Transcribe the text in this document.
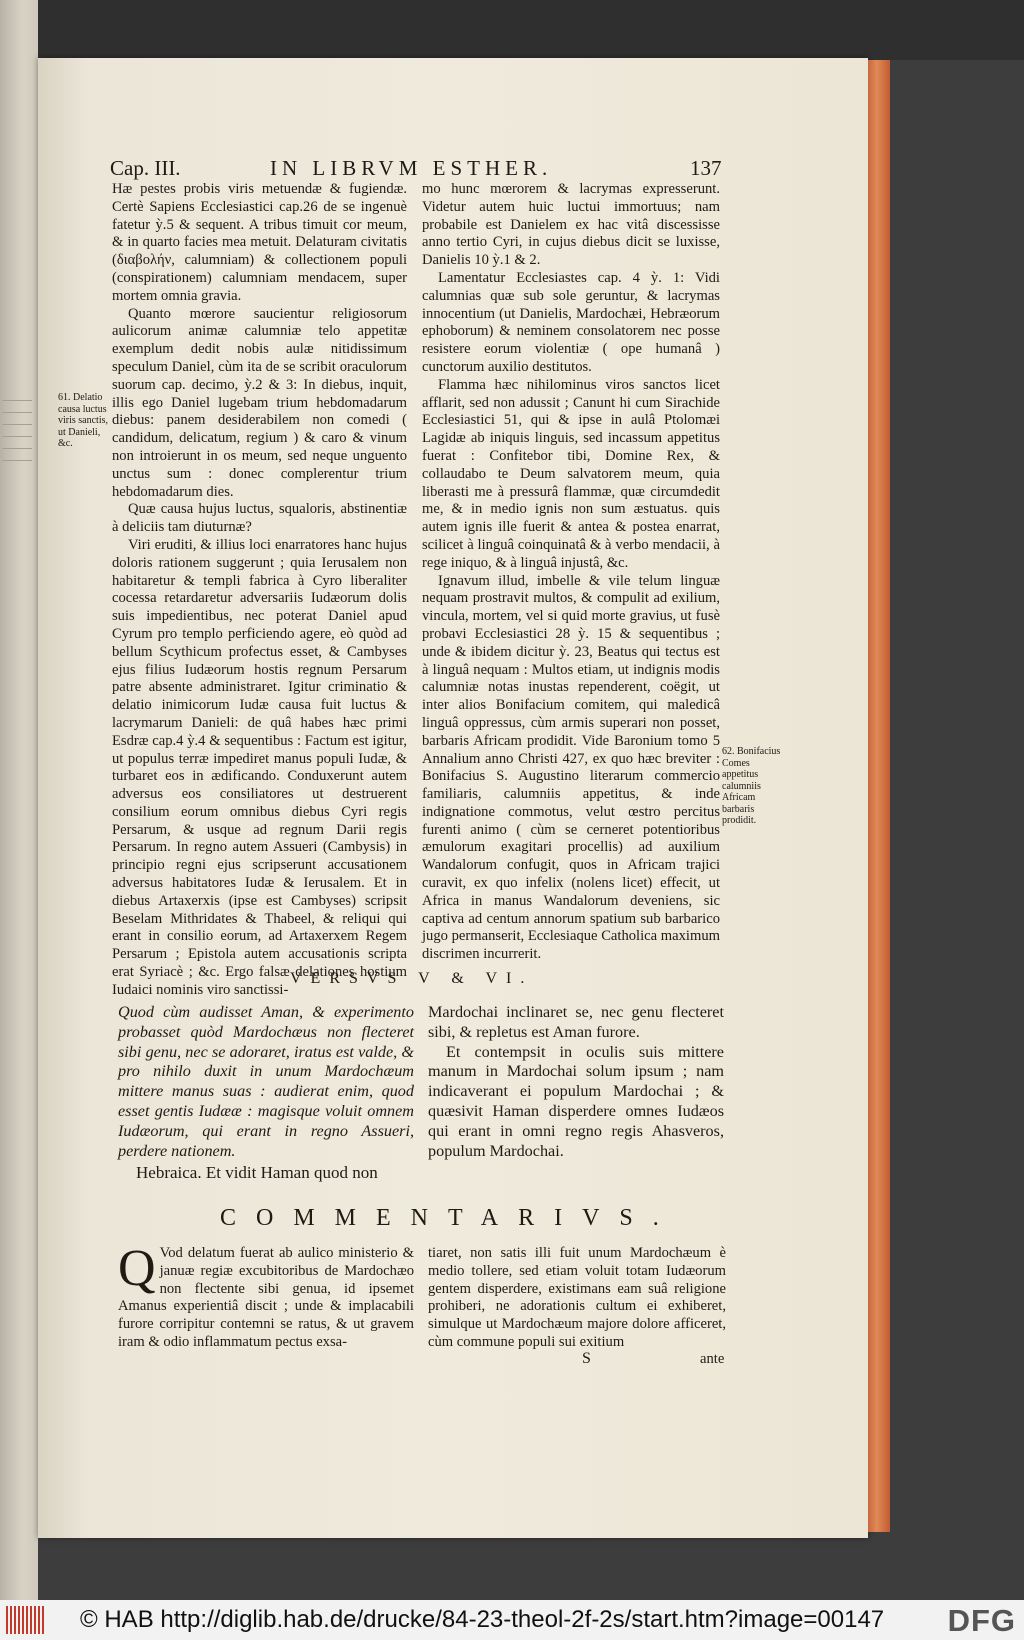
Cap. III.	IN LIBRVM ESTHER.	137

Hæ pestes probis viris metuendæ & fugiendæ. Certè Sapiens Ecclesiastici cap.26 de se ingenuè fatetur ỳ.5 & sequent. A tribus timuit cor meum, & in quarto facies mea metuit. Delaturam civitatis (διαβολήν, calumniam) & collectionem populi (conspirationem) calumniam mendacem, super mortem omnia gravia.

Quanto mœrore saucientur religiosorum aulicorum animæ calumniæ telo appetitæ exemplum dedit nobis aulæ nitidissimum speculum Daniel, cùm ita de se scribit oraculorum suorum cap. decimo, ỳ.2 & 3: In diebus, inquit, illis ego Daniel lugebam trium hebdomadarum diebus: panem desiderabilem non comedi ( candidum, delicatum, regium ) & caro & vinum non introierunt in os meum, sed neque unguento unctus sum : donec complerentur trium hebdomadarum dies.

Quæ causa hujus luctus, squaloris, abstinentiæ à deliciis tam diuturnæ?

Viri eruditi, & illius loci enarratores hanc hujus doloris rationem suggerunt ; quia Ierusalem non habitaretur & templi fabrica à Cyro liberaliter cocessa retardaretur adversariis Iudæorum dolis suis impedientibus, nec poterat Daniel apud Cyrum pro templo perficiendo agere, eò quòd ad bellum Scythicum profectus esset, & Cambyses ejus filius Iudæorum hostis regnum Persarum patre absente administraret. Igitur criminatio & delatio inimicorum Iudæ causa fuit luctus & lacrymarum Danieli: de quâ habes hæc primi Esdræ cap.4 ỳ.4 & sequentibus : Factum est igitur, ut populus terræ impediret manus populi Iudæ, & turbaret eos in ædificando. Conduxerunt autem adversus eos consiliatores ut destruerent consilium eorum omnibus diebus Cyri regis Persarum, & usque ad regnum Darii regis Persarum. In regno autem Assueri (Cambysis) in principio regni ejus scripserunt accusationem adversus habitatores Iudæ & Ierusalem. Et in diebus Artaxerxis (ipse est Cambyses) scripsit Beselam Mithridates & Thabeel, & reliqui qui erant in consilio eorum, ad Artaxerxem Regem Persarum ; Epistola autem accusationis scripta erat Syriacè ; &c. Ergo falsæ delationes hostium Iudaici nominis viro sanctissi-

mo hunc mœrorem & lacrymas expresserunt. Videtur autem huic luctui immortuus; nam probabile est Danielem ex hac vitâ discessisse anno tertio Cyri, in cujus diebus dicit se luxisse, Danielis 10 ỳ.1 & 2.

Lamentatur Ecclesiastes cap. 4 ỳ. 1: Vidi calumnias quæ sub sole geruntur, & lacrymas innocentium (ut Danielis, Mardochæi, Hebræorum ephoborum) & neminem consolatorem nec posse resistere eorum violentiæ ( ope humanâ ) cunctorum auxilio destitutos.

Flamma hæc nihilominus viros sanctos licet afflarit, sed non adussit ; Canunt hi cum Sirachide Ecclesiastici 51, qui & ipse in aulâ Ptolomæi Lagidæ ab iniquis linguis, sed incassum appetitus fuerat : Confitebor tibi, Domine Rex, & collaudabo te Deum salvatorem meum, quia liberasti me à pressurâ flammæ, quæ circumdedit me, & in medio ignis non sum æstuatus. quis autem ignis ille fuerit & antea & postea enarrat, scilicet à linguâ coinquinatâ & à verbo mendacii, à rege iniquo, & à linguâ injustâ, &c.

Ignavum illud, imbelle & vile telum linguæ nequam prostravit multos, & compulit ad exilium, vincula, mortem, vel si quid morte gravius, ut fusè probavi Ecclesiastici 28 ỳ. 15 & sequentibus ; unde & ibidem dicitur ỳ. 23, Beatus qui tectus est à linguâ nequam : Multos etiam, ut indignis modis calumniæ notas inustas rependerent, coëgit, ut inter alios Bonifacium comitem, qui maledicâ linguâ oppressus, cùm armis superari non posset, barbaris Africam prodidit. Vide Baronium tomo 5 Annalium anno Christi 427, ex quo hæc breviter : Bonifacius S. Augustino literarum commercio familiaris, calumniis appetitus, & inde indignatione commotus, velut œstro percitus furenti animo ( cùm se cerneret potentioribus æmulorum exagitari procellis) ad auxilium Wandalorum confugit, quos in Africam trajici curavit, ex quo infelix (nolens licet) effecit, ut Africa in manus Wandalorum deveniens, sic captiva ad centum annorum spatium sub barbarico jugo permanserit, Ecclesiaque Catholica maximum discrimen incurrerit.

61. Delatio causa luctus viris sanctis, ut Danieli, &c.
62. Bonifacius Comes appetitus calumniis Africam barbaris prodidit.
VERSVS V & VI.
Quod cùm audisset Aman, & experimento probasset quòd Mardochæus non flecteret sibi genu, nec se adoraret, iratus est valde, & pro nihilo duxit in unum Mardochæum mittere manus suas : audierat enim, quod esset gentis Iudææ : magisque voluit omnem Iudæorum, qui erant in regno Assueri, perdere nationem.
Hebraica. Et vidit Haman quod non

Mardochai inclinaret se, nec genu flecteret sibi, & repletus est Aman furore.

Et contempsit in oculis suis mittere manum in Mardochai solum ipsum ; nam indicaverant ei populum Mardochai ; & quæsivit Haman disperdere omnes Iudæos qui erant in omni regno regis Ahasveros, populum Mardochai.

COMMENTARIVS.
Q Vod delatum fuerat ab aulico ministerio & januæ regiæ excubitoribus de Mardochæo non flectente sibi genua, id ipsemet Amanus experientiâ discit ; unde & implacabili furore corripitur contemni se ratus, & ut gravem iram & odio inflammatum pectus exsa-
tiaret, non satis illi fuit unum Mardochæum è medio tollere, sed etiam voluit totam Iudæorum gentem disperdere, existimans eam suâ religione prohiberi, ne adorationis cultum ei exhiberet, simulque ut Mardochæum majore dolore afficeret, cùm commune populi sui exitium
S	ante
© HAB http://diglib.hab.de/drucke/84-23-theol-2f-2s/start.htm?image=00147 DFG
